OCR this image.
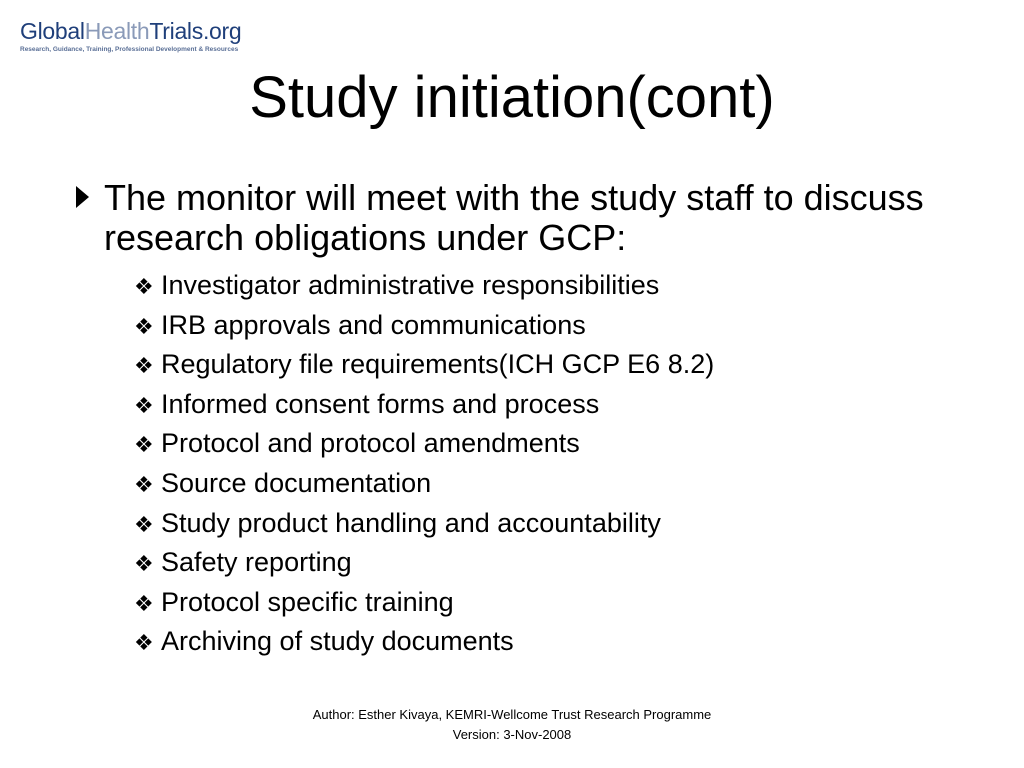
GlobalHealthTrials.org
Research, Guidance, Training, Professional Development & Resources
Study initiation(cont)
The monitor will meet with the study staff to discuss research obligations under GCP:
❖ Investigator administrative responsibilities
❖ IRB approvals and communications
❖ Regulatory file requirements(ICH GCP E6 8.2)
❖ Informed consent forms and process
❖ Protocol and protocol amendments
❖ Source documentation
❖ Study product handling and accountability
❖ Safety reporting
❖ Protocol specific training
❖ Archiving of study documents
Author: Esther Kivaya, KEMRI-Wellcome Trust Research Programme
Version: 3-Nov-2008
